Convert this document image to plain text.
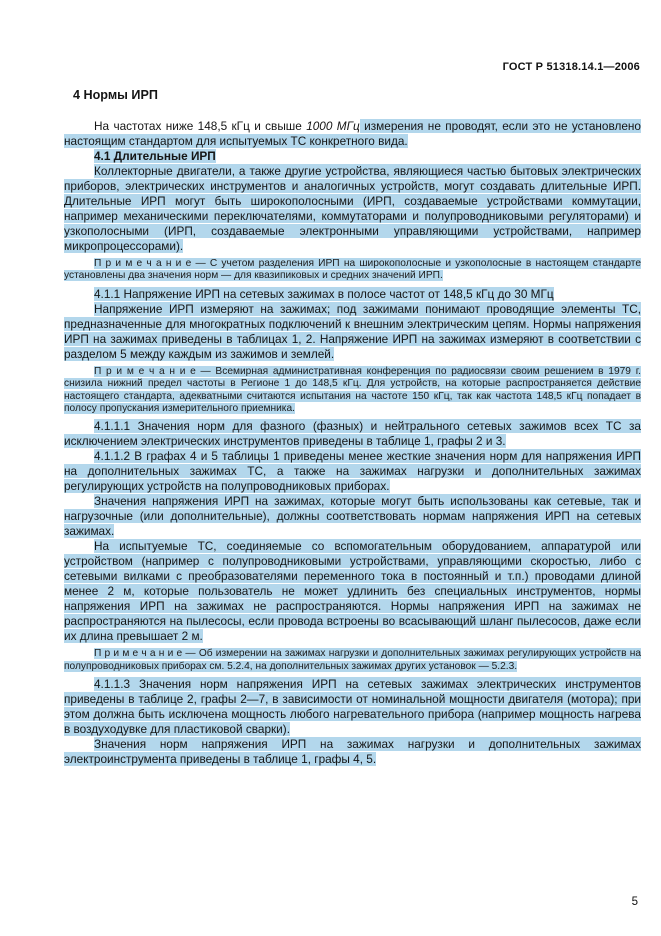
ГОСТ Р 51318.14.1—2006
4 Нормы ИРП
На частотах ниже 148,5 кГц и свыше 1000 МГц измерения не проводят, если это не установлено настоящим стандартом для испытуемых ТС конкретного вида.
4.1 Длительные ИРП
Коллекторные двигатели, а также другие устройства, являющиеся частью бытовых электрических приборов, электрических инструментов и аналогичных устройств, могут создавать длительные ИРП. Длительные ИРП могут быть широкополосными (ИРП, создаваемые устройствами коммутации, например механическими переключателями, коммутаторами и полупроводниковыми регуляторами) и узкополосными (ИРП, создаваемые электронными управляющими устройствами, например микропроцессорами).
П р и м е ч а н и е — С учетом разделения ИРП на широкополосные и узкополосные в настоящем стандарте установлены два значения норм — для квазипиковых и средних значений ИРП.
4.1.1 Напряжение ИРП на сетевых зажимах в полосе частот от 148,5 кГц до 30 МГц
Напряжение ИРП измеряют на зажимах; под зажимами понимают проводящие элементы ТС, предназначенные для многократных подключений к внешним электрическим цепям. Нормы напряжения ИРП на зажимах приведены в таблицах 1, 2. Напряжение ИРП на зажимах измеряют в соответствии с разделом 5 между каждым из зажимов и землей.
П р и м е ч а н и е — Всемирная административная конференция по радиосвязи своим решением в 1979 г. снизила нижний предел частоты в Регионе 1 до 148,5 кГц. Для устройств, на которые распространяется действие настоящего стандарта, адекватными считаются испытания на частоте 150 кГц, так как частота 148,5 кГц попадает в полосу пропускания измерительного приемника.
4.1.1.1 Значения норм для фазного (фазных) и нейтрального сетевых зажимов всех ТС за исключением электрических инструментов приведены в таблице 1, графы 2 и 3.
4.1.1.2 В графах 4 и 5 таблицы 1 приведены менее жесткие значения норм для напряжения ИРП на дополнительных зажимах ТС, а также на зажимах нагрузки и дополнительных зажимах регулирующих устройств на полупроводниковых приборах.
Значения напряжения ИРП на зажимах, которые могут быть использованы как сетевые, так и нагрузочные (или дополнительные), должны соответствовать нормам напряжения ИРП на сетевых зажимах.
На испытуемые ТС, соединяемые со вспомогательным оборудованием, аппаратурой или устройством (например с полупроводниковыми устройствами, управляющими скоростью, либо с сетевыми вилками с преобразователями переменного тока в постоянный и т.п.) проводами длиной менее 2 м, которые пользователь не может удлинить без специальных инструментов, нормы напряжения ИРП на зажимах не распространяются. Нормы напряжения ИРП на зажимах не распространяются на пылесосы, если провода встроены во всасывающий шланг пылесосов, даже если их длина превышает 2 м.
П р и м е ч а н и е — Об измерении на зажимах нагрузки и дополнительных зажимах регулирующих устройств на полупроводниковых приборах см. 5.2.4, на дополнительных зажимах других установок — 5.2.3.
4.1.1.3 Значения норм напряжения ИРП на сетевых зажимах электрических инструментов приведены в таблице 2, графы 2—7, в зависимости от номинальной мощности двигателя (мотора); при этом должна быть исключена мощность любого нагревательного прибора (например мощность нагрева в воздуходувке для пластиковой сварки).
Значения норм напряжения ИРП на зажимах нагрузки и дополнительных зажимах электроинструмента приведены в таблице 1, графы 4, 5.
5
